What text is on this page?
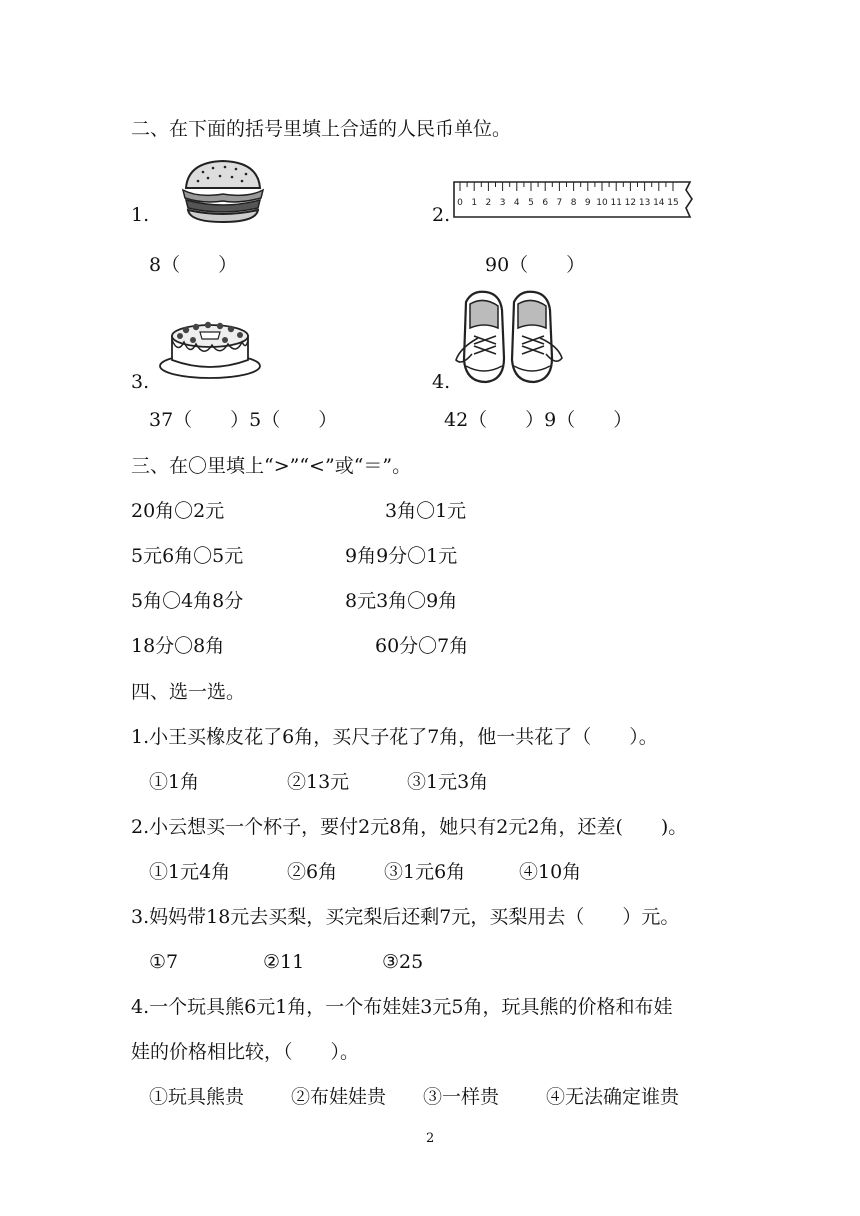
二、在下面的括号里填上合适的人民币单位。
1.	2.
0 1 2 3 4 5 6 7 8 9 10 11 12 13 14 15
8（　　）	90（　　）
3.	4.
37（　　）5（　　）	42（　　）9（　　）
三、在〇里填上“>”“<”或“＝”。
20角〇2元	3角〇1元
5元6角〇5元	9角9分〇1元
5角〇4角8分	8元3角〇9角
18分〇8角	60分〇7角
四、选一选。
1.小王买橡皮花了6角，买尺子花了7角，他一共花了（　　）。
①1角	②13元	③1元3角
2.小云想买一个杯子，要付2元8角，她只有2元2角，还差(　　)。
①1元4角	②6角 ③1元6角	④10角
3.妈妈带18元去买梨，买完梨后还剩7元，买梨用去（　　）元。
①7	②11	③25
4.一个玩具熊6元1角，一个布娃娃3元5角，玩具熊的价格和布娃
娃的价格相比较，（　　）。
①玩具熊贵 ②布娃娃贵 ③一样贵 ④无法确定谁贵
2
